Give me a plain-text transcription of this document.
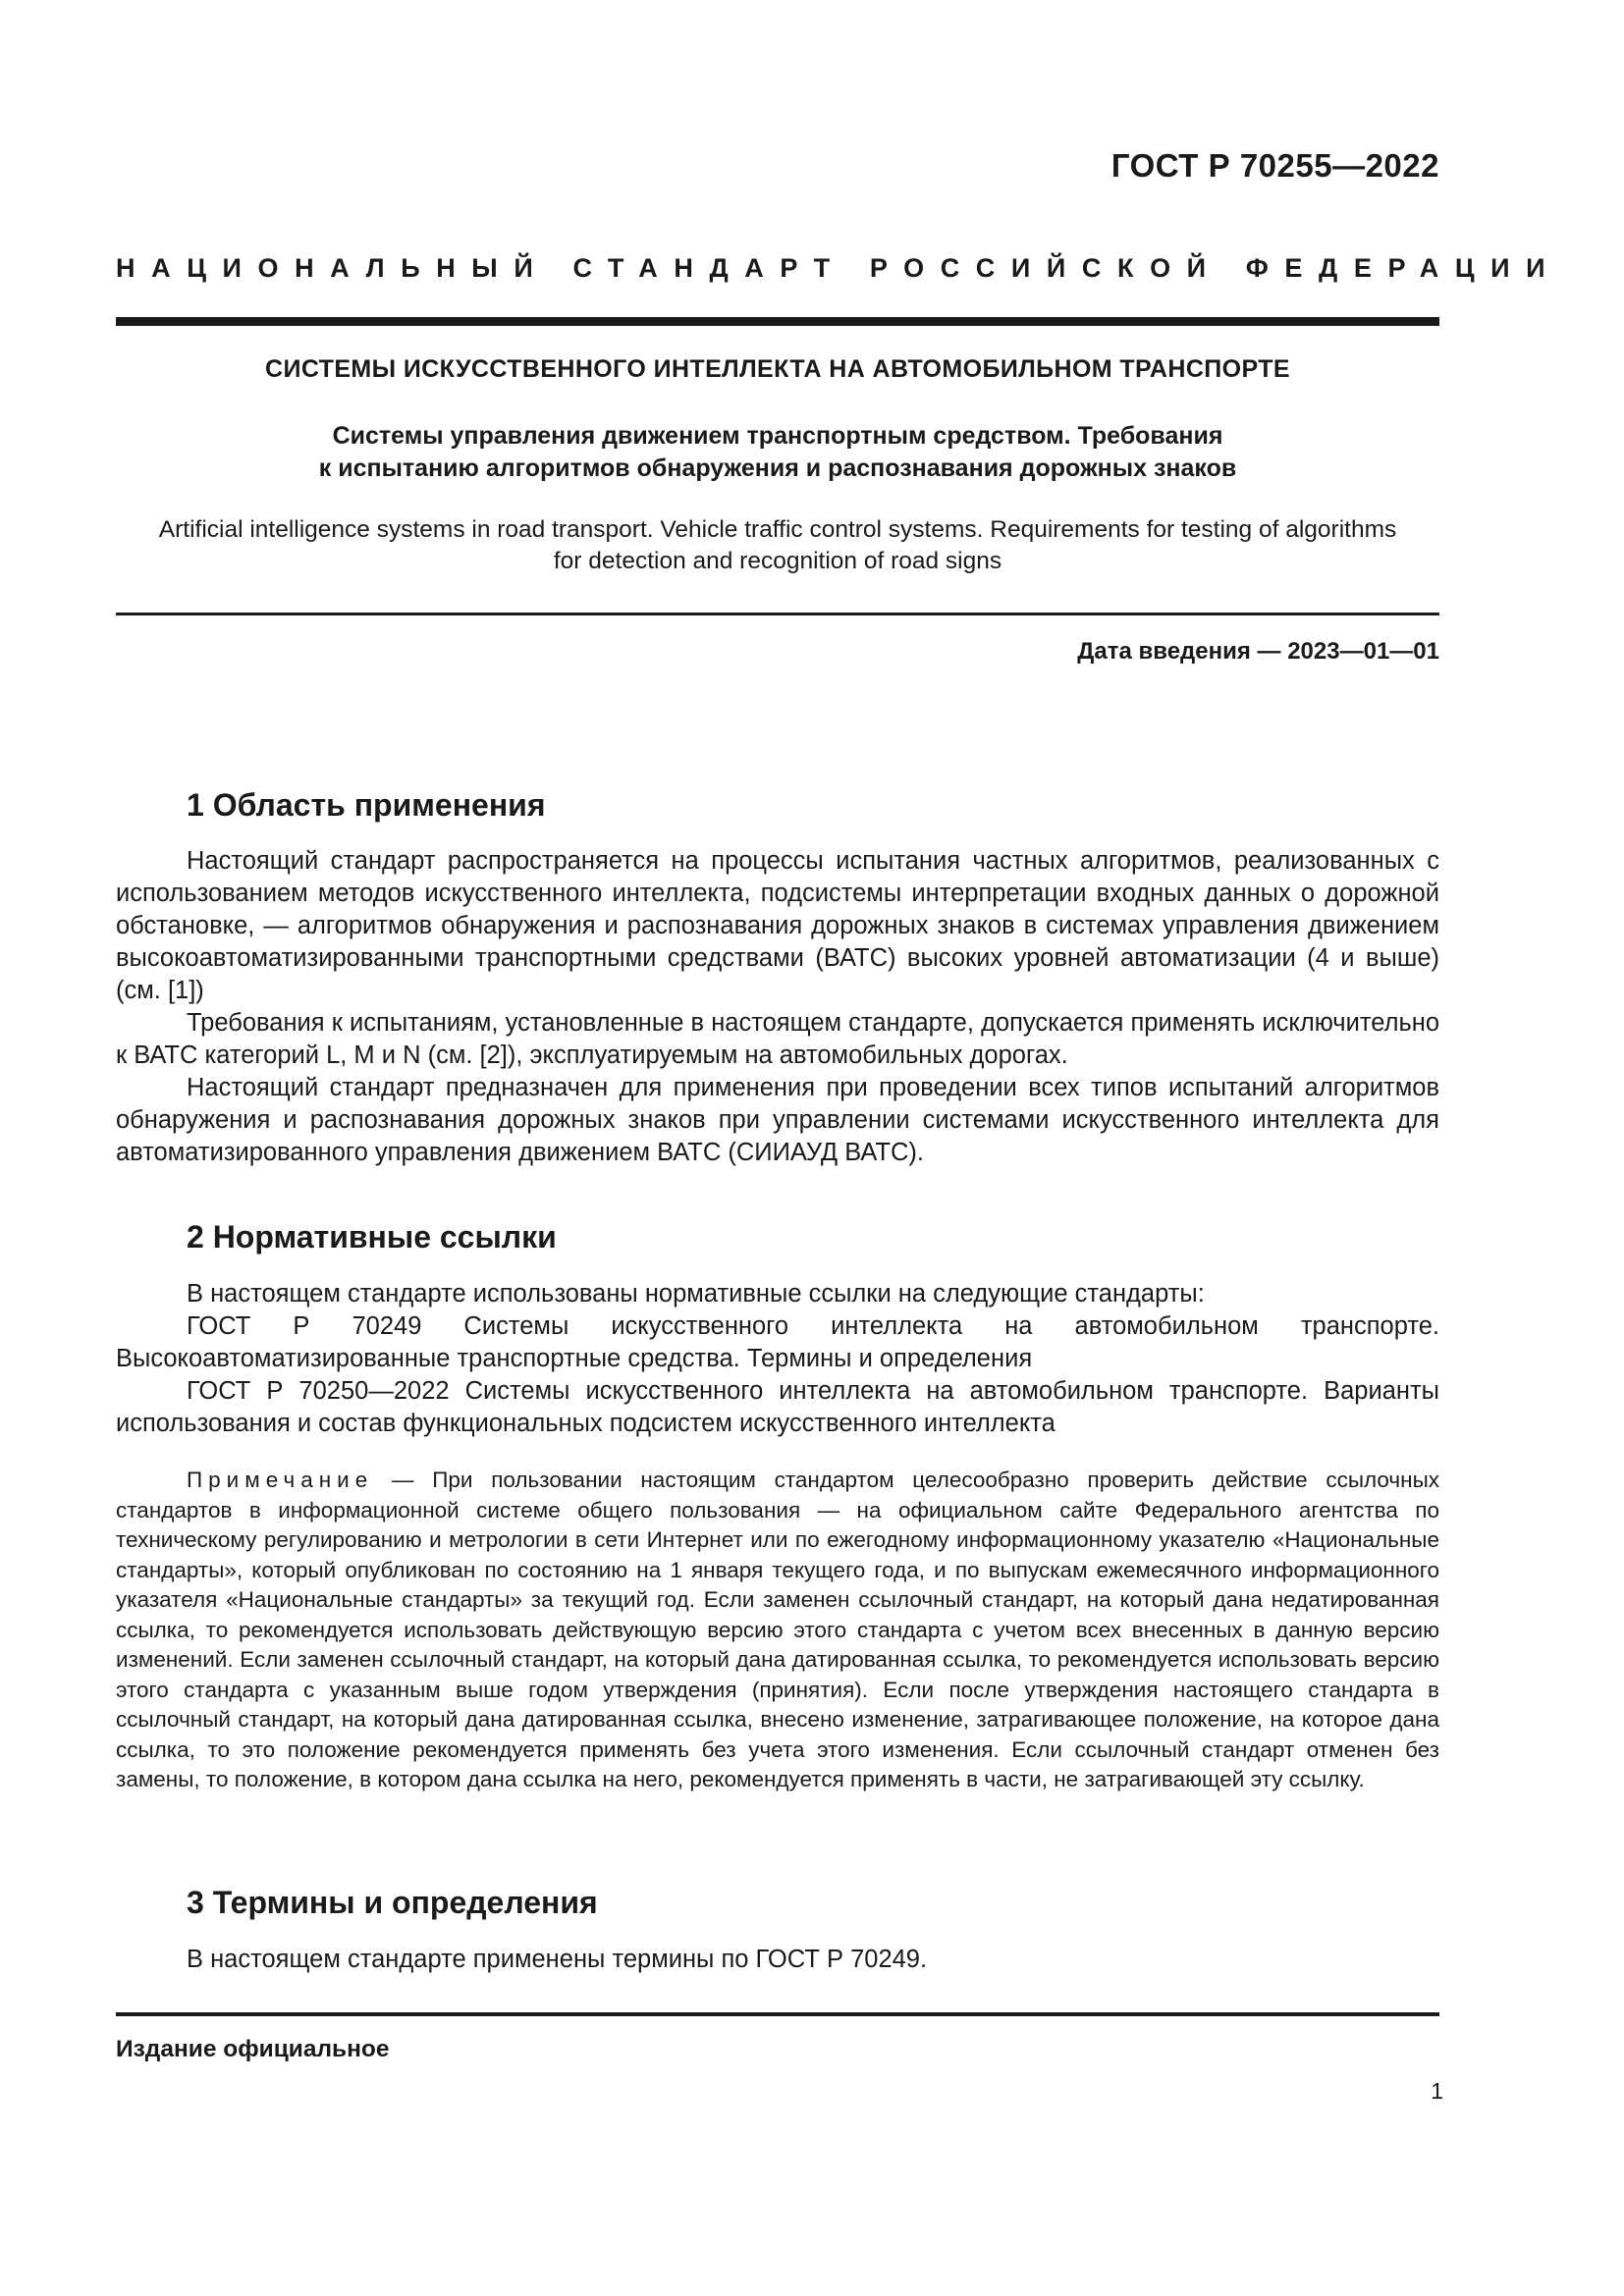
ГОСТ Р 70255—2022
НАЦИОНАЛЬНЫЙ СТАНДАРТ РОССИЙСКОЙ ФЕДЕРАЦИИ
СИСТЕМЫ ИСКУССТВЕННОГО ИНТЕЛЛЕКТА НА АВТОМОБИЛЬНОМ ТРАНСПОРТЕ
Системы управления движением транспортным средством. Требования
к испытанию алгоритмов обнаружения и распознавания дорожных знаков
Artificial intelligence systems in road transport. Vehicle traffic control systems. Requirements for testing of algorithms
for detection and recognition of road signs
Дата введения — 2023—01—01
1 Область применения

Настоящий стандарт распространяется на процессы испытания частных алгоритмов, реализованных с использованием методов искусственного интеллекта, подсистемы интерпретации входных данных о дорожной обстановке, — алгоритмов обнаружения и распознавания дорожных знаков в системах управления движением высокоавтоматизированными транспортными средствами (ВАТС) высоких уровней автоматизации (4 и выше) (см. [1])

Требования к испытаниям, установленные в настоящем стандарте, допускается применять исключительно к ВАТС категорий L, M и N (см. [2]), эксплуатируемым на автомобильных дорогах.

Настоящий стандарт предназначен для применения при проведении всех типов испытаний алгоритмов обнаружения и распознавания дорожных знаков при управлении системами искусственного интеллекта для автоматизированного управления движением ВАТС (СИИАУД ВАТС).

2 Нормативные ссылки

В настоящем стандарте использованы нормативные ссылки на следующие стандарты:

ГОСТ Р 70249 Системы искусственного интеллекта на автомобильном транспорте. Высокоавтоматизированные транспортные средства. Термины и определения

ГОСТ Р 70250—2022 Системы искусственного интеллекта на автомобильном транспорте. Варианты использования и состав функциональных подсистем искусственного интеллекта

Примечание — При пользовании настоящим стандартом целесообразно проверить действие ссылочных стандартов в информационной системе общего пользования — на официальном сайте Федерального агентства по техническому регулированию и метрологии в сети Интернет или по ежегодному информационному указателю «Национальные стандарты», который опубликован по состоянию на 1 января текущего года, и по выпускам ежемесячного информационного указателя «Национальные стандарты» за текущий год. Если заменен ссылочный стандарт, на который дана недатированная ссылка, то рекомендуется использовать действующую версию этого стандарта с учетом всех внесенных в данную версию изменений. Если заменен ссылочный стандарт, на который дана датированная ссылка, то рекомендуется использовать версию этого стандарта с указанным выше годом утверждения (принятия). Если после утверждения настоящего стандарта в ссылочный стандарт, на который дана датированная ссылка, внесено изменение, затрагивающее положение, на которое дана ссылка, то это положение рекомендуется применять без учета этого изменения. Если ссылочный стандарт отменен без замены, то положение, в котором дана ссылка на него, рекомендуется применять в части, не затрагивающей эту ссылку.

3 Термины и определения

В настоящем стандарте применены термины по ГОСТ Р 70249.

Издание официальное
1
